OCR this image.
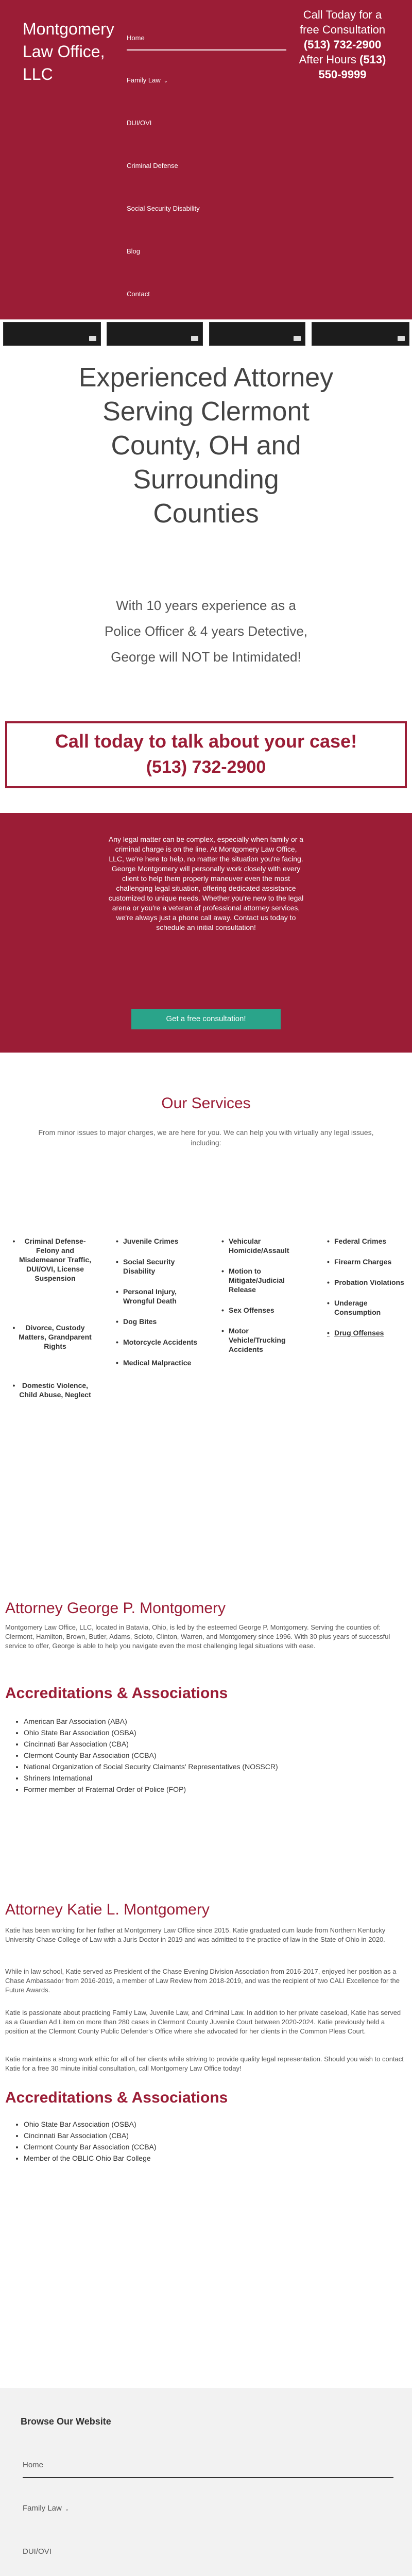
Montgomery Law Office, LLC
Home
Family Law ⌄
DUI/OVI
Criminal Defense
Social Security Disability
Blog
Contact
Call Today for a free Consultation
(513) 732-2900
After Hours (513) 550-9999
Experienced Attorney Serving Clermont County, OH and Surrounding Counties
With 10 years experience as a Police Officer & 4 years Detective, George will NOT be Intimidated!
Call today to talk about your case!
(513) 732-2900
Any legal matter can be complex, especially when family or a criminal charge is on the line. At Montgomery Law Office, LLC, we're here to help, no matter the situation you're facing. George Montgomery will personally work closely with every client to help them properly maneuver even the most challenging legal situation, offering dedicated assistance customized to unique needs. Whether you're new to the legal arena or you're a veteran of professional attorney services, we're always just a phone call away. Contact us today to schedule an initial consultation!
Get a free consultation!
Our Services
From minor issues to major charges, we are here for you. We can help you with virtually any legal issues, including:
•	Criminal Defense- Felony and Misdemeanor Traffic, DUI/OVI, License Suspension
•	Divorce, Custody Matters, Grandparent Rights
• Domestic Violence, Child Abuse, Neglect
• Juvenile Crimes
• Social Security Disability
• Personal Injury, Wrongful Death
• Dog Bites
• Motorcycle Accidents
• Medical Malpractice
• Vehicular Homicide/Assault
• Motion to Mitigate/Judicial Release
• Sex Offenses
• Motor Vehicle/Trucking Accidents
• Federal Crimes
• Firearm Charges
• Probation Violations
• Underage Consumption
• Drug Offenses
Attorney George P. Montgomery
Montgomery Law Office, LLC, located in Batavia, Ohio, is led by the esteemed George P. Montgomery. Serving the counties of: Clermont, Hamilton, Brown, Butler, Adams, Scioto, Clinton, Warren, and Montgomery since 1996. With 30 plus years of successful service to offer, George is able to help you navigate even the most challenging legal situations with ease.
Accreditations & Associations
• American Bar Association (ABA)
• Ohio State Bar Association (OSBA)
• Cincinnati Bar Association (CBA)
• Clermont County Bar Association (CCBA)
• National Organization of Social Security Claimants' Representatives (NOSSCR)
• Shriners International
• Former member of Fraternal Order of Police (FOP)
Attorney Katie L. Montgomery
Katie has been working for her father at Montgomery Law Office since 2015. Katie graduated cum laude from Northern Kentucky University Chase College of Law with a Juris Doctor in 2019 and was admitted to the practice of law in the State of Ohio in 2020.
While in law school, Katie served as President of the Chase Evening Division Association from 2016-2017, enjoyed her position as a Chase Ambassador from 2016-2019, a member of Law Review from 2018-2019, and was the recipient of two CALI Excellence for the Future Awards.
Katie is passionate about practicing Family Law, Juvenile Law, and Criminal Law. In addition to her private caseload, Katie has served as a Guardian Ad Litem on more than 280 cases in Clermont County Juvenile Court between 2020-2024. Katie previously held a position at the Clermont County Public Defender's Office where she advocated for her clients in the Common Pleas Court.
Katie maintains a strong work ethic for all of her clients while striving to provide quality legal representation. Should you wish to contact Katie for a free 30 minute initial consultation, call Montgomery Law Office today!
Accreditations & Associations
• Ohio State Bar Association (OSBA)
• Cincinnati Bar Association (CBA)
• Clermont County Bar Association (CCBA)
• Member of the OBLIC Ohio Bar College
Browse Our Website
Home
Family Law ⌄
DUI/OVI
